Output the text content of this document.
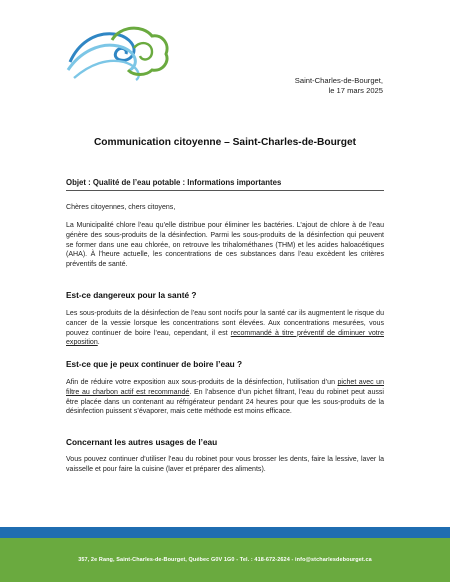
Saint-Charles-de-Bourget,
le 17 mars 2025
Communication citoyenne – Saint-Charles-de-Bourget
Objet : Qualité de l’eau potable : Informations importantes
Chères citoyennes, chers citoyens,
La Municipalité chlore l’eau qu’elle distribue pour éliminer les bactéries. L’ajout de chlore à de l’eau génère des sous-produits de la désinfection. Parmi les sous-produits de la désinfection qui peuvent se former dans une eau chlorée, on retrouve les trihalométhanes (THM) et les acides haloacétiques (AHA). À l’heure actuelle, les concentrations de ces substances dans l’eau excèdent les critères préventifs de santé.
Est-ce dangereux pour la santé ?
Les sous-produits de la désinfection de l’eau sont nocifs pour la santé car ils augmentent le risque du cancer de la vessie lorsque les concentrations sont élevées. Aux concentrations mesurées, vous pouvez continuer de boire l’eau, cependant, il est recommandé à titre préventif de diminuer votre exposition.
Est-ce que je peux continuer de boire l’eau ?
Afin de réduire votre exposition aux sous-produits de la désinfection, l’utilisation d’un pichet avec un filtre au charbon actif est recommandé. En l’absence d’un pichet filtrant, l’eau du robinet peut aussi être placée dans un contenant au réfrigérateur pendant 24 heures pour que les sous-produits de la désinfection puissent s’évaporer, mais cette méthode est moins efficace.
Concernant les autres usages de l’eau
Vous pouvez continuer d’utiliser l’eau du robinet pour vous brosser les dents, faire la lessive, laver la vaisselle et pour faire la cuisine (laver et préparer des aliments).
357, 2e Rang, Saint-Charles-de-Bourget, Québec G0V 1G0 - Tel. : 418-672-2624 - info@stcharlesdebourget.ca
